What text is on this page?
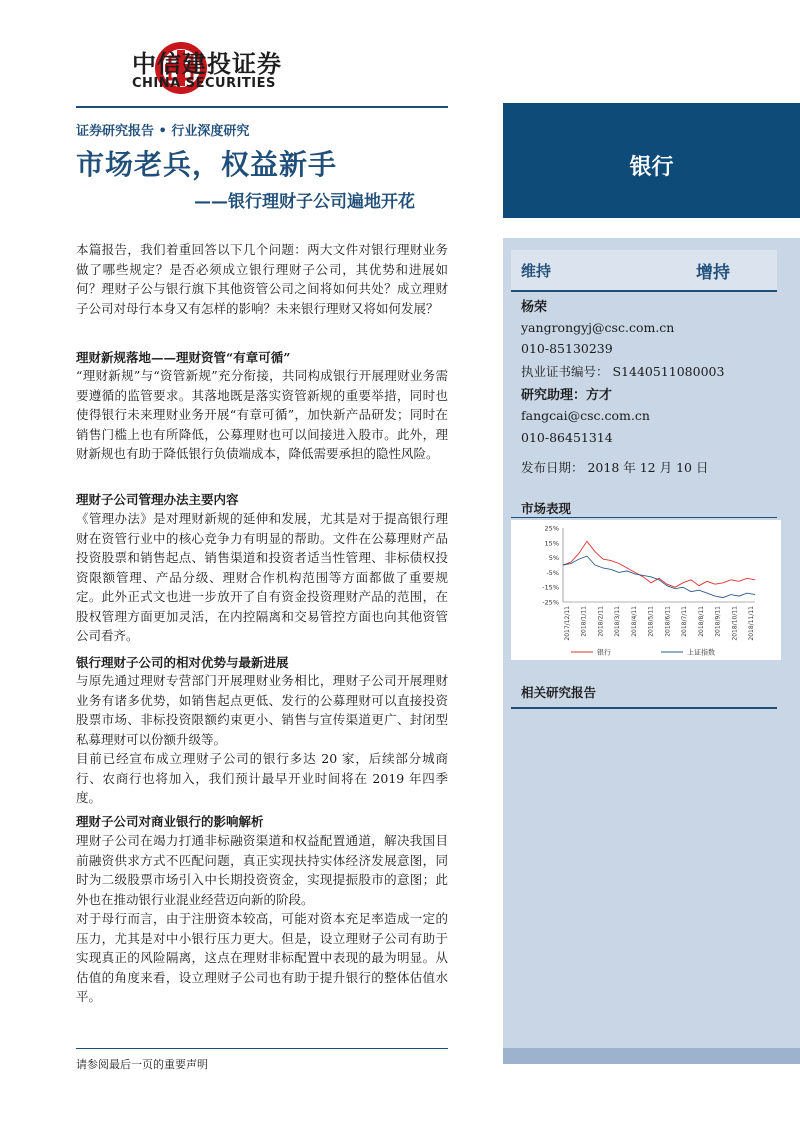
中信建投证券
CHINA SECURITIES
证券研究报告 • 行业深度研究
市场老兵，权益新手
——银行理财子公司遍地开花
银行
维持	增持
杨荣
yangrongyj@csc.com.cn
010-85130239
执业证书编号： S1440511080003
研究助理：方才
fangcai@csc.com.cn
010-86451314
发布日期： 2018 年 12 月 10 日
市场表现
25%
15%
5%
-5%
-15%
-25%
2017/12/11 2018/1/11 2018/2/11 2018/3/11 2018/4/11 2018/5/11 2018/6/11 2018/7/11 2018/8/11 2018/9/11 2018/10/11 2018/11/11
银行	上证指数
相关研究报告
本篇报告，我们着重回答以下几个问题：两大文件对银行理财业务做了哪些规定？是否必须成立银行理财子公司，其优势和进展如何？理财子公与银行旗下其他资管公司之间将如何共处？成立理财子公司对母行本身又有怎样的影响？未来银行理财又将如何发展？
理财新规落地——理财资管“有章可循”
“理财新规”与“资管新规”充分衔接，共同构成银行开展理财业务需要遵循的监管要求。其落地既是落实资管新规的重要举措，同时也使得银行未来理财业务开展“有章可循”，加快新产品研发；同时在销售门槛上也有所降低，公募理财也可以间接进入股市。此外，理财新规也有助于降低银行负债端成本，降低需要承担的隐性风险。
理财子公司管理办法主要内容
《管理办法》是对理财新规的延伸和发展，尤其是对于提高银行理财在资管行业中的核心竞争力有明显的帮助。文件在公募理财产品投资股票和销售起点、销售渠道和投资者适当性管理、非标债权投资限额管理、产品分级、理财合作机构范围等方面都做了重要规定。此外正式文也进一步放开了自有资金投资理财产品的范围，在股权管理方面更加灵活，在内控隔离和交易管控方面也向其他资管公司看齐。
银行理财子公司的相对优势与最新进展
与原先通过理财专营部门开展理财业务相比，理财子公司开展理财业务有诸多优势，如销售起点更低、发行的公募理财可以直接投资股票市场、非标投资限额约束更小、销售与宣传渠道更广、封闭型私募理财可以份额升级等。
目前已经宣布成立理财子公司的银行多达 20 家，后续部分城商行、农商行也将加入，我们预计最早开业时间将在 2019 年四季度。
理财子公司对商业银行的影响解析
理财子公司在竭力打通非标融资渠道和权益配置通道，解决我国目前融资供求方式不匹配问题，真正实现扶持实体经济发展意图，同时为二级股票市场引入中长期投资资金，实现提振股市的意图；此外也在推动银行业混业经营迈向新的阶段。
对于母行而言，由于注册资本较高，可能对资本充足率造成一定的压力，尤其是对中小银行压力更大。但是，设立理财子公司有助于实现真正的风险隔离，这点在理财非标配置中表现的最为明显。从估值的角度来看，设立理财子公司也有助于提升银行的整体估值水平。
请参阅最后一页的重要声明
